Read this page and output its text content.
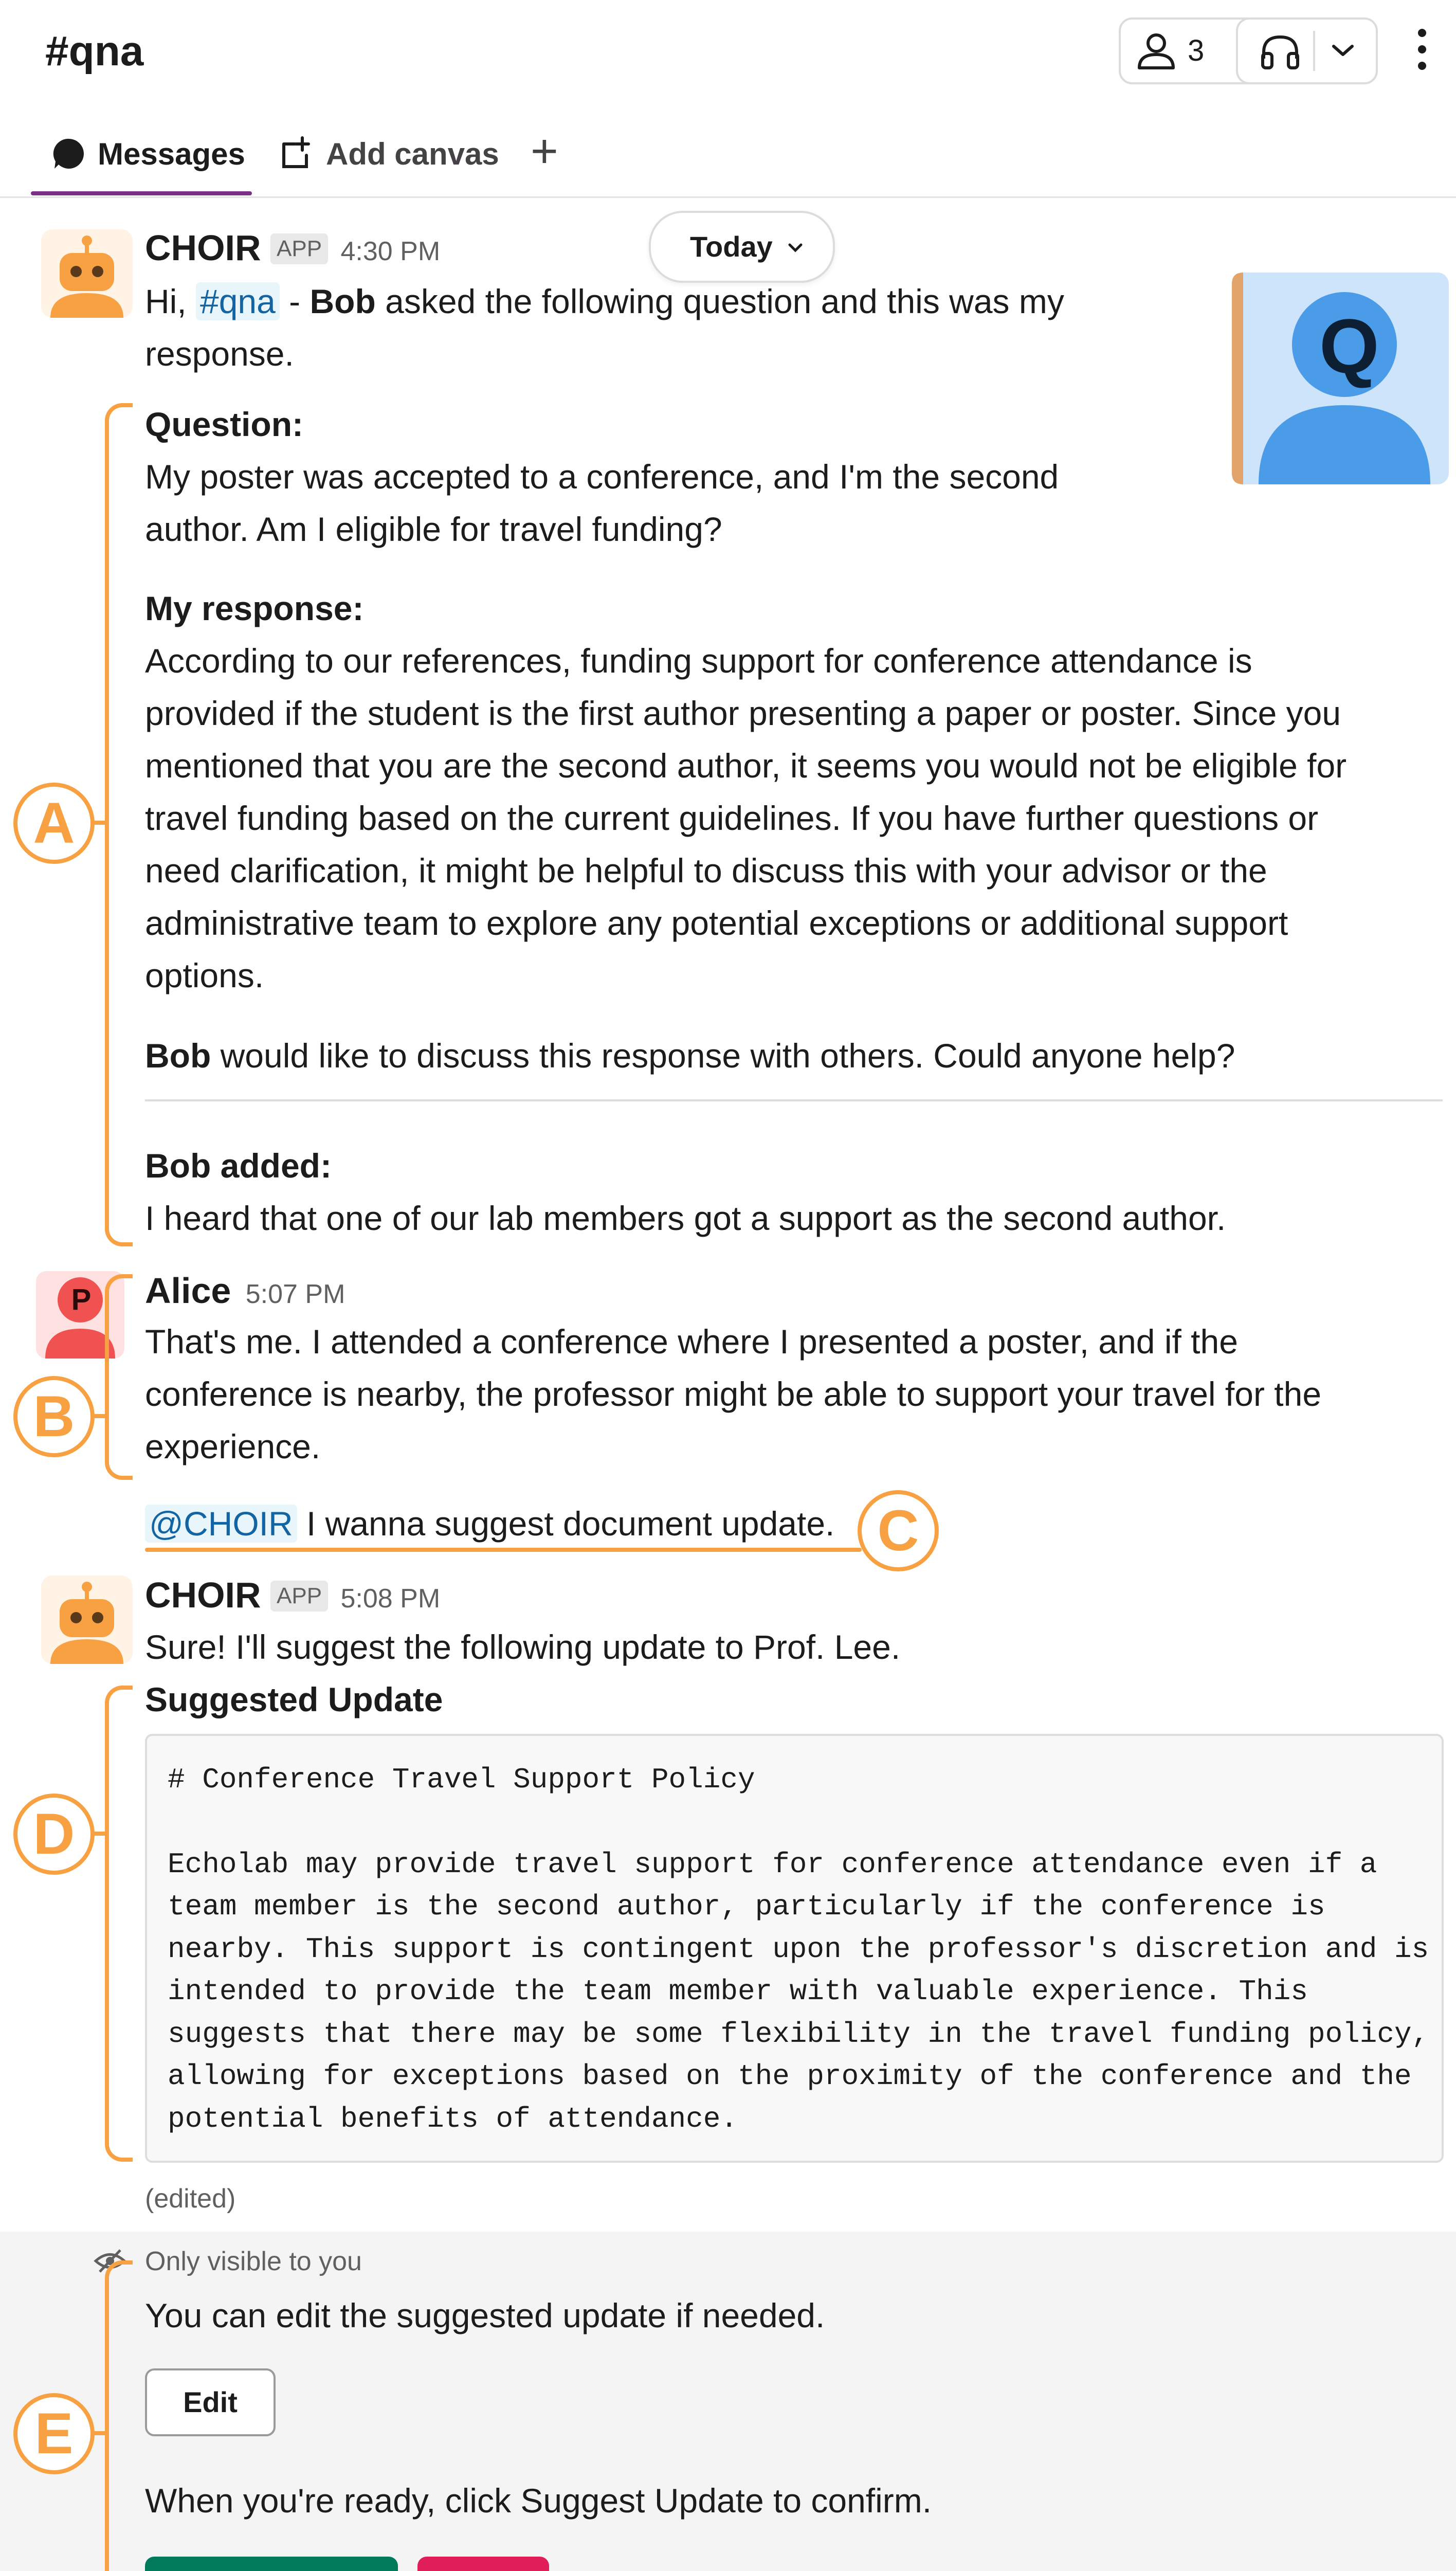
#qna	3
Messages	Add canvas +
CHOIR APP 4:30 PM	Today
Q
Hi, #qna - Bob asked the following question and this was my
response.
Question:
My poster was accepted to a conference, and I'm the second
author. Am I eligible for travel funding?
My response:
According to our references, funding support for conference attendance is
provided if the student is the first author presenting a paper or poster. Since you
mentioned that you are the second author, it seems you would not be eligible for
travel funding based on the current guidelines. If you have further questions or
need clarification, it might be helpful to discuss this with your advisor or the
administrative team to explore any potential exceptions or additional support
options.
Bob would like to discuss this response with others. Could anyone help?
Bob added:
I heard that one of our lab members got a support as the second author.
P Alice 5:07 PM
That's me. I attended a conference where I presented a poster, and if the
conference is nearby, the professor might be able to support your travel for the
experience.
@CHOIR I wanna suggest document update.
CHOIR APP 5:08 PM
Sure! I'll suggest the following update to Prof. Lee.
Suggested Update
# Conference Travel Support Policy
Echolab may provide travel support for conference attendance even if a
team member is the second author, particularly if the conference is
nearby. This support is contingent upon the professor's discretion and is
intended to provide the team member with valuable experience. This
suggests that there may be some flexibility in the travel funding policy,
allowing for exceptions based on the proximity of the conference and the
potential benefits of attendance.
(edited)
Only visible to you
You can edit the suggested update if needed.
Edit
When you're ready, click Suggest Update to confirm.
A
B
C
D
E
